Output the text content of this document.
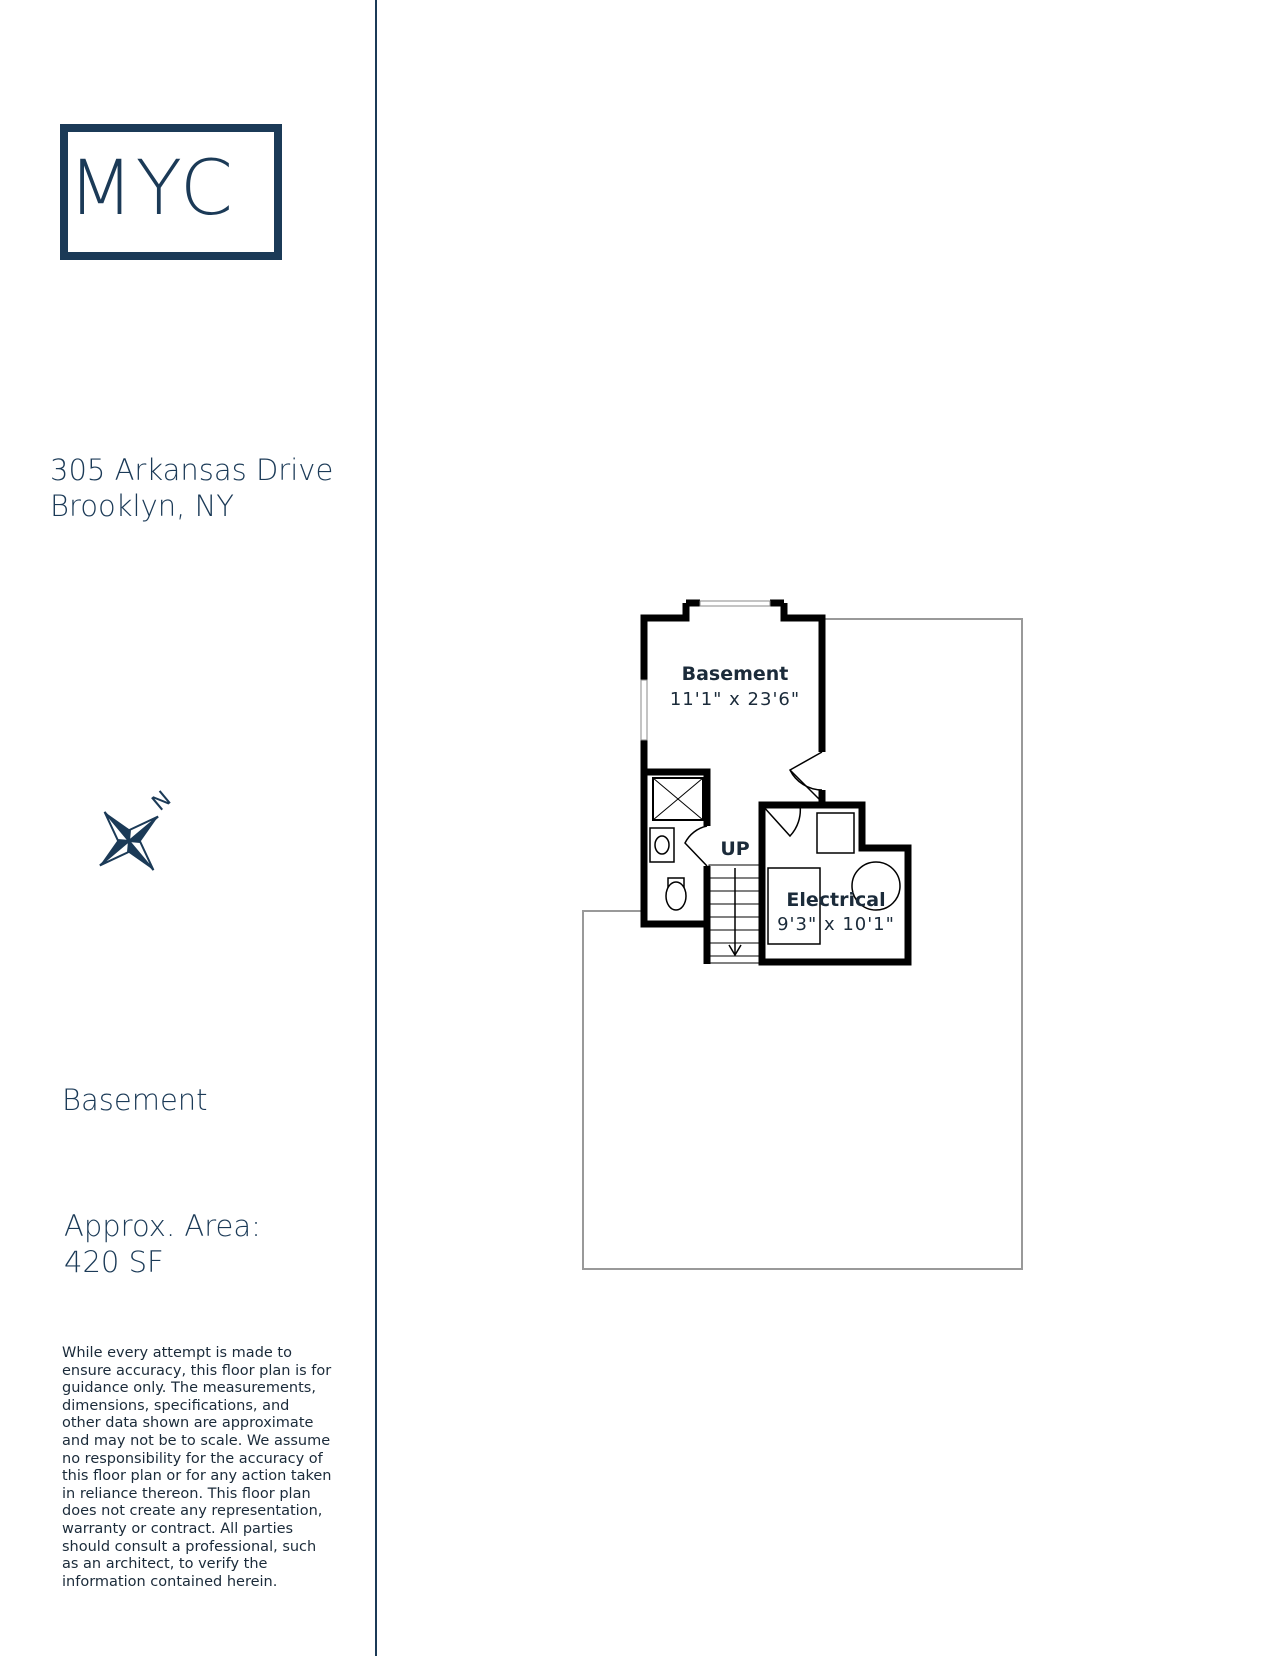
MYC
305 Arkansas Drive
Brooklyn, NY
N
Basement
Approx. Area:
420 SF
While every attempt is made to ensure accuracy, this floor plan is for guidance only. The measurements, dimensions, specifications, and other data shown are approximate and may not be to scale. We assume no responsibility for the accuracy of this floor plan or for any action taken in reliance thereon. This floor plan does not create any representation, warranty or contract. All parties should consult a professional, such as an architect, to verify the information contained herein.
UP
Basement
11'1" x 23'6"
Electrical
9'3" x 10'1"
